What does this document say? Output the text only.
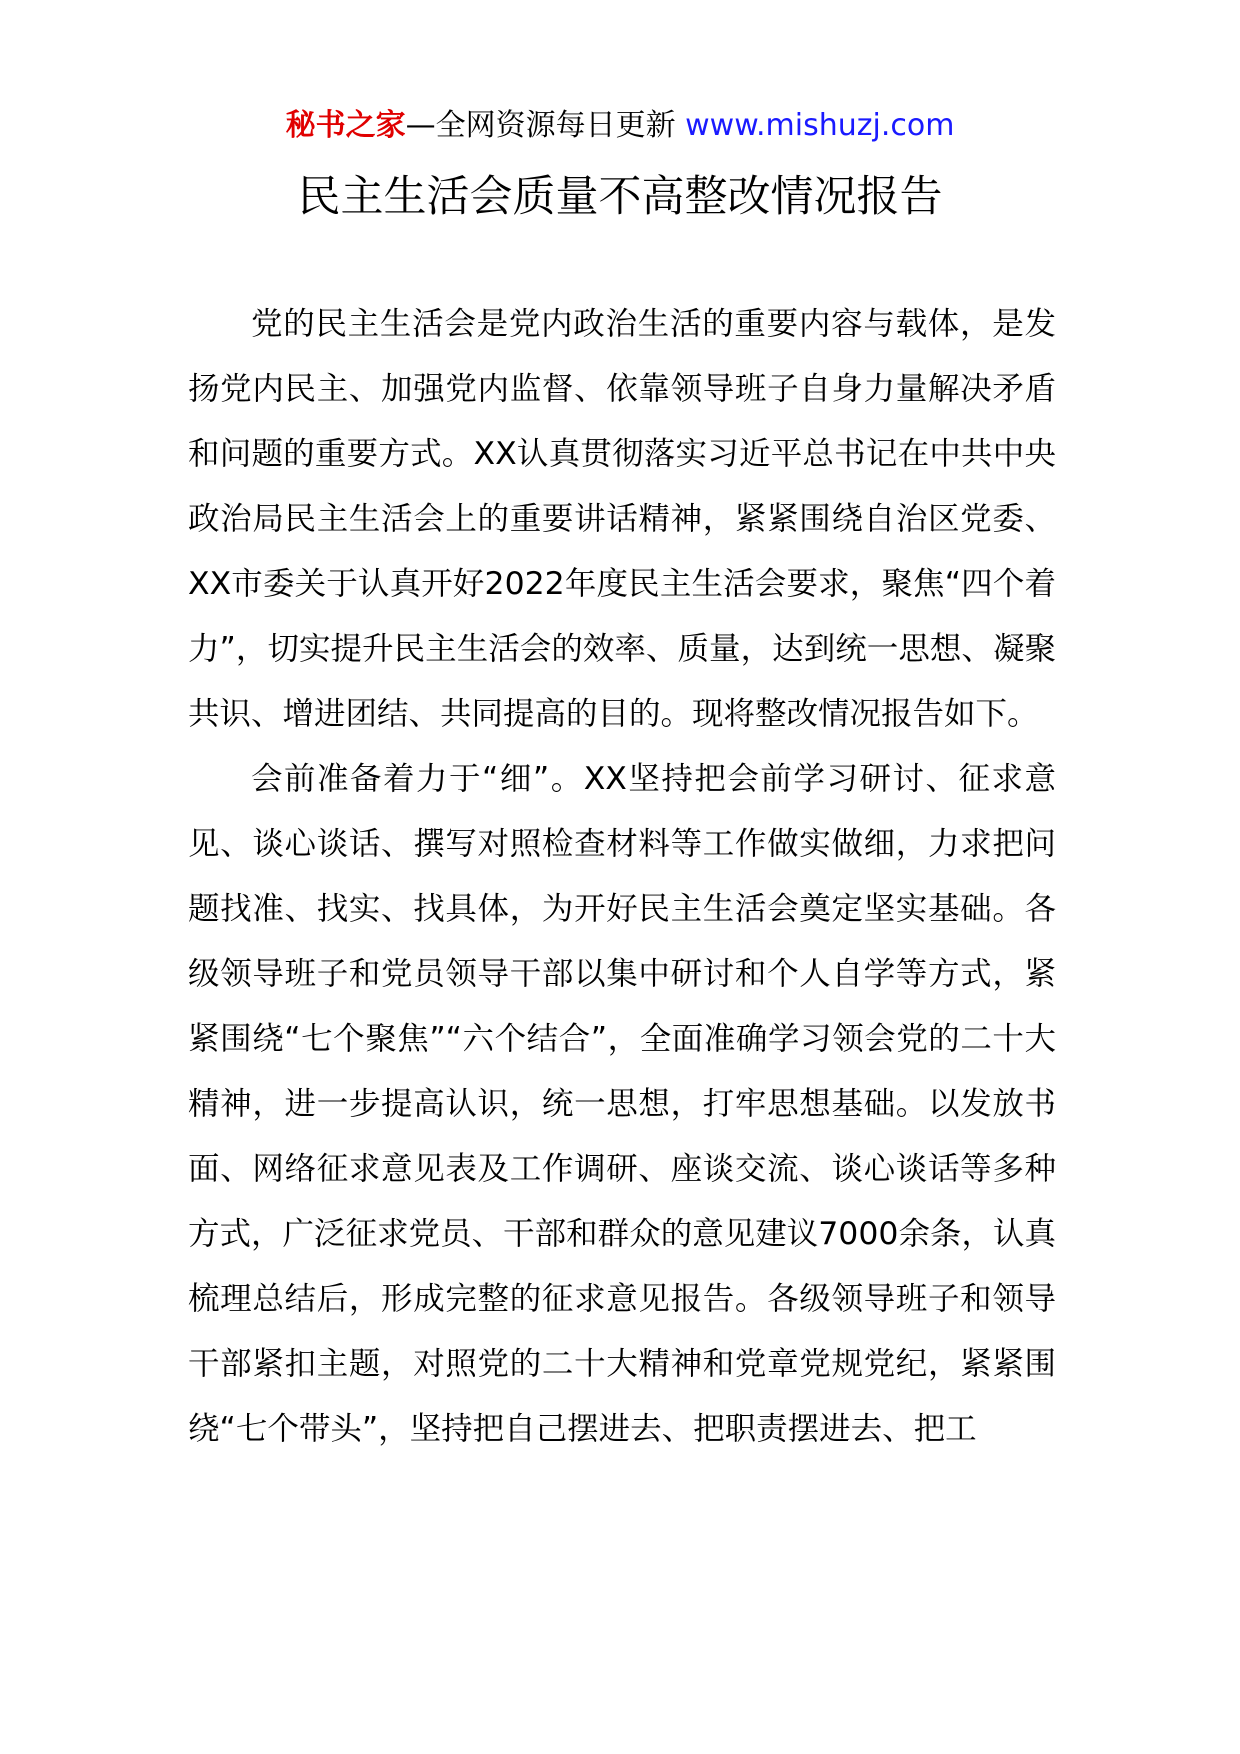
秘书之家—全网资源每日更新 www.mishuzj.com
民主生活会质量不高整改情况报告

党的民主生活会是党内政治生活的重要内容与载体，是发扬党内民主、加强党内监督、依靠领导班子自身力量解决矛盾和问题的重要方式。XX认真贯彻落实习近平总书记在中共中央政治局民主生活会上的重要讲话精神，紧紧围绕自治区党委、XX市委关于认真开好2022年度民主生活会要求，聚焦“四个着力”，切实提升民主生活会的效率、质量，达到统一思想、凝聚共识、增进团结、共同提高的目的。现将整改情况报告如下。

会前准备着力于“细”。XX坚持把会前学习研讨、征求意见、谈心谈话、撰写对照检查材料等工作做实做细，力求把问题找准、找实、找具体，为开好民主生活会奠定坚实基础。各级领导班子和党员领导干部以集中研讨和个人自学等方式，紧紧围绕“七个聚焦”“六个结合”，全面准确学习领会党的二十大精神，进一步提高认识，统一思想，打牢思想基础。以发放书面、网络征求意见表及工作调研、座谈交流、谈心谈话等多种方式，广泛征求党员、干部和群众的意见建议7000余条，认真梳理总结后，形成完整的征求意见报告。各级领导班子和领导干部紧扣主题，对照党的二十大精神和党章党规党纪，紧紧围绕“七个带头”，坚持把自己摆进去、把职责摆进去、把工
